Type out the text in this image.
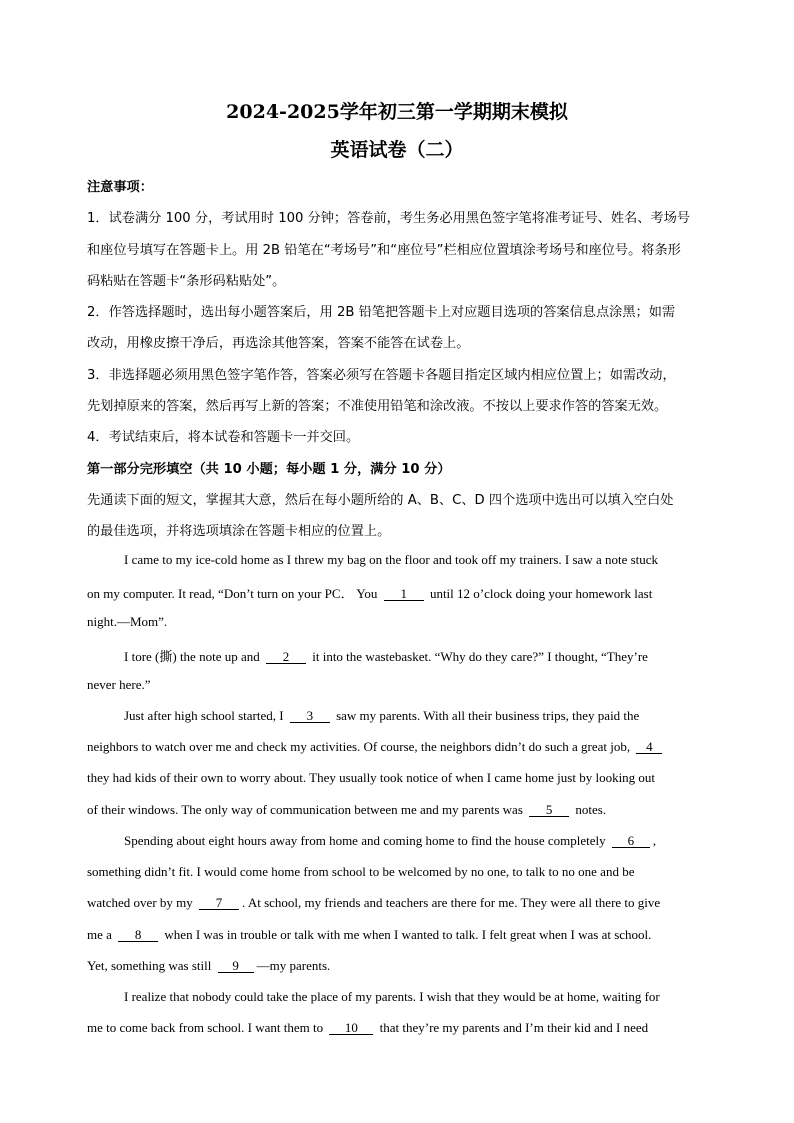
2024-2025学年初三第一学期期末模拟
英语试卷（二）
注意事项：
1．试卷满分 100 分，考试用时 100 分钟；答卷前，考生务必用黑色签字笔将准考证号、姓名、考场号
和座位号填写在答题卡上。用 2B 铅笔在“考场号”和“座位号”栏相应位置填涂考场号和座位号。将条形
码粘贴在答题卡“条形码粘贴处”。
2．作答选择题时，选出每小题答案后，用 2B 铅笔把答题卡上对应题目选项的答案信息点涂黑；如需
改动，用橡皮擦干净后，再选涂其他答案，答案不能答在试卷上。
3．非选择题必须用黑色签字笔作答，答案必须写在答题卡各题目指定区域内相应位置上；如需改动，
先划掉原来的答案，然后再写上新的答案；不准使用铅笔和涂改液。不按以上要求作答的答案无效。
4．考试结束后，将本试卷和答题卡一并交回。
第一部分完形填空（共 10 小题；每小题 1 分，满分 10 分）
先通读下面的短文，掌握其大意，然后在每小题所给的 A、B、C、D 四个选项中选出可以填入空白处
的最佳选项，并将选项填涂在答题卡相应的位置上。
I came to my ice-cold home as I threw my bag on the floor and took off my trainers. I saw a note stuck
on my computer. It read, “Don’t turn on your PC． You 1 until 12 o’clock doing your homework last
night.—Mom”.
I tore (撕) the note up and 2 it into the wastebasket. “Why do they care?” I thought, “They’re
never here.”
Just after high school started, I 3 saw my parents. With all their business trips, they paid the
neighbors to watch over me and check my activities. Of course, the neighbors didn’t do such a great job, 4
they had kids of their own to worry about. They usually took notice of when I came home just by looking out
of their windows. The only way of communication between me and my parents was 5 notes.
Spending about eight hours away from home and coming home to find the house completely 6 ,
something didn’t fit. I would come home from school to be welcomed by no one, to talk to no one and be
watched over by my 7 . At school, my friends and teachers are there for me. They were all there to give
me a 8 when I was in trouble or talk with me when I wanted to talk. I felt great when I was at school.
Yet, something was still 9 —my parents.
I realize that nobody could take the place of my parents. I wish that they would be at home, waiting for
me to come back from school. I want them to 10 that they’re my parents and I’m their kid and I need
